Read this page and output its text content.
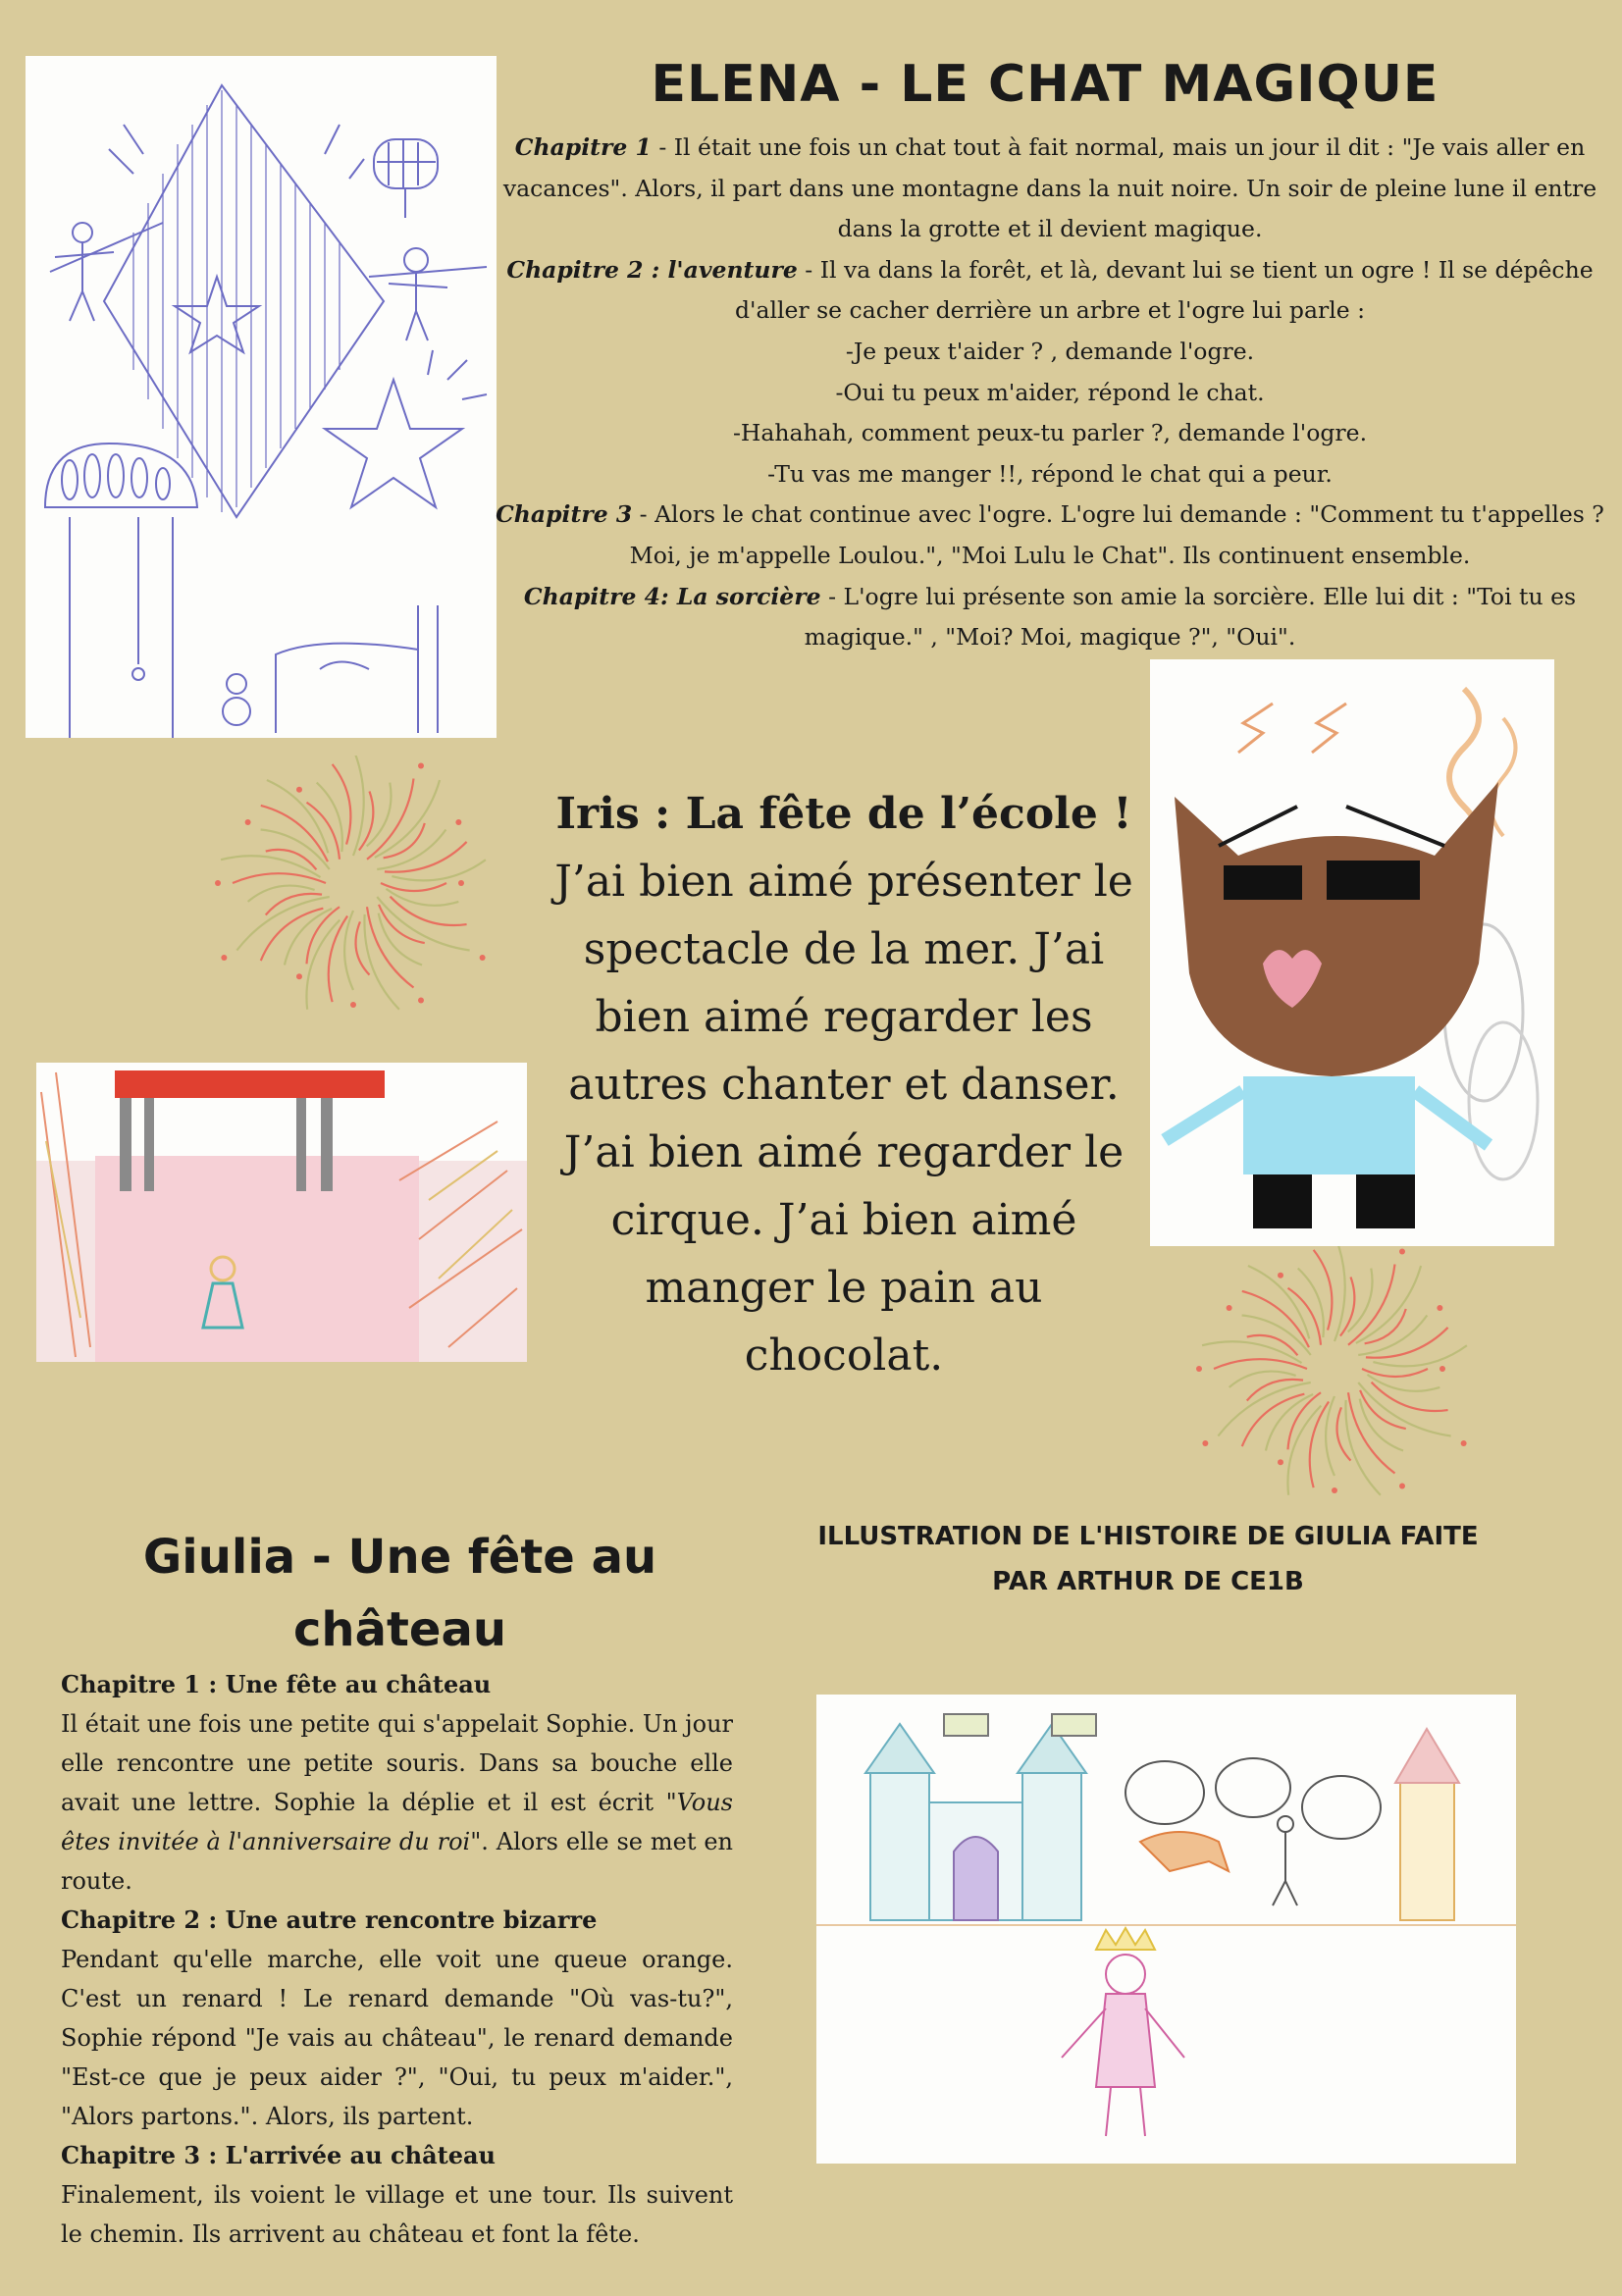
ELENA - LE CHAT MAGIQUE

Chapitre 1 - Il était une fois un chat tout à fait normal, mais un jour il dit : "Je vais aller en vacances". Alors, il part dans une montagne dans la nuit noire. Un soir de pleine lune il entre dans la grotte et il devient magique.

Chapitre 2 : l'aventure - Il va dans la forêt, et là, devant lui se tient un ogre ! Il se dépêche d'aller se cacher derrière un arbre et l'ogre lui parle :

-Je peux t'aider ? , demande l'ogre.

-Oui tu peux m'aider, répond le chat.

-Hahahah, comment peux-tu parler ?, demande l'ogre.

-Tu vas me manger !!, répond le chat qui a peur.

Chapitre 3 - Alors le chat continue avec l'ogre. L'ogre lui demande : "Comment tu t'appelles ? Moi, je m'appelle Loulou.", "Moi Lulu le Chat". Ils continuent ensemble.

Chapitre 4: La sorcière - L'ogre lui présente son amie la sorcière. Elle lui dit : "Toi tu es magique." , "Moi? Moi, magique ?", "Oui".

Iris : La fête de l’école !
J’ai bien aimé présenter le spectacle de la mer. J’ai bien aimé regarder les autres chanter et danser. J’ai bien aimé regarder le cirque. J’ai bien aimé manger le pain au chocolat.
Giulia - Une fête au château

Chapitre 1 : Une fête au château

Il était une fois une petite qui s'appelait Sophie. Un jour elle rencontre une petite souris. Dans sa bouche elle avait une lettre. Sophie la déplie et il est écrit "Vous êtes invitée à l'anniversaire du roi". Alors elle se met en route.

Chapitre 2 : Une autre rencontre bizarre

Pendant qu'elle marche, elle voit une queue orange. C'est un renard ! Le renard demande "Où vas-tu?", Sophie répond "Je vais au château", le renard demande "Est-ce que je peux aider ?", "Oui, tu peux m'aider.", "Alors partons.". Alors, ils partent.

Chapitre 3 : L'arrivée au château

Finalement, ils voient le village et une tour. Ils suivent le chemin. Ils arrivent au château et font la fête.

ILLUSTRATION DE L'HISTOIRE DE GIULIA FAITE
PAR ARTHUR DE CE1B
